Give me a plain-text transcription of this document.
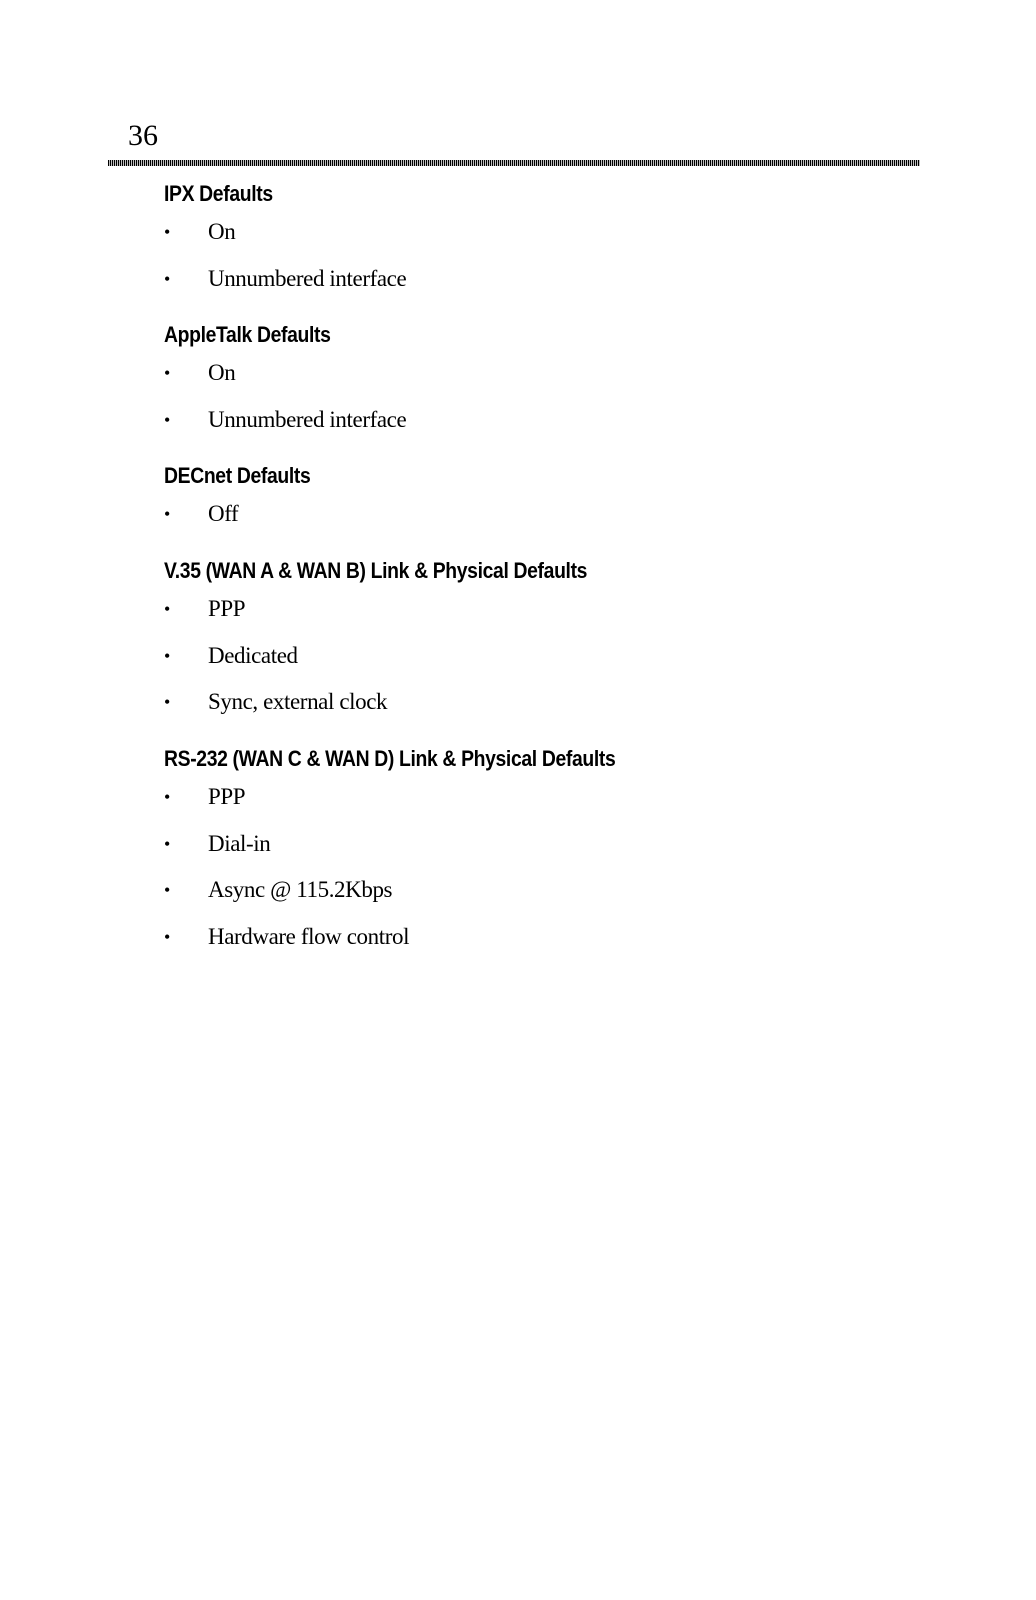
36
IPX Defaults
• On
• Unnumbered interface
AppleTalk Defaults
• On
• Unnumbered interface
DECnet Defaults
• Off
V.35 (WAN A & WAN B) Link & Physical Defaults
• PPP
• Dedicated
• Sync, external clock
RS-232 (WAN C & WAN D) Link & Physical Defaults
• PPP
• Dial-in
• Async @ 115.2Kbps
• Hardware flow control
